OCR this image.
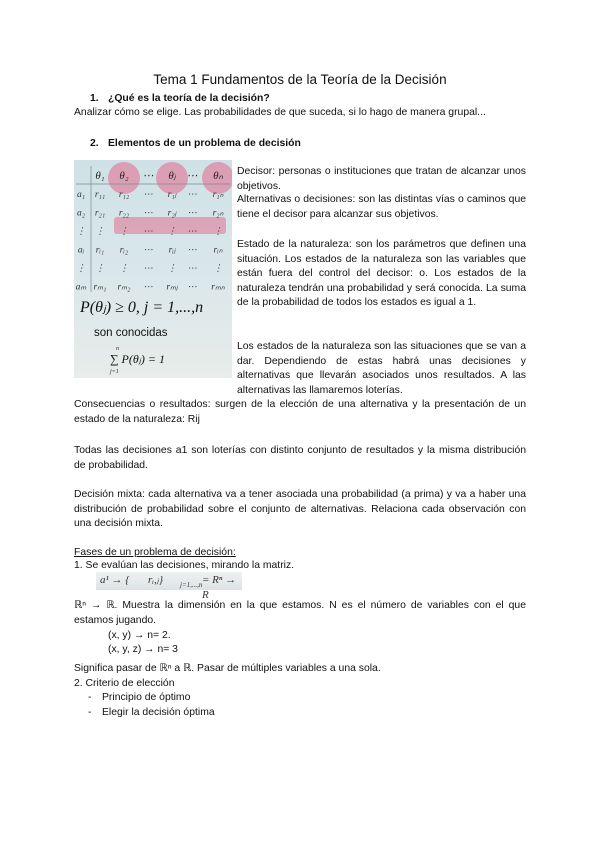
Tema 1 Fundamentos de la Teoría de la Decisión
1. ¿Qué es la teoría de la decisión?
Analizar cómo se elige. Las probabilidades de que suceda, si lo hago de manera grupal...
2. Elementos de un problema de decisión
θ₁ θ₂ ⋯ θⱼ ⋯ θₙ
a₁ r₁₁ r₁₂ ⋯ r₁ⱼ ⋯ r₁ₙ
a₂ r₂₁ r₂₂ ⋯ r₂ⱼ ⋯ r₂ₙ
⋮ ⋮ ⋮ ⋯ ⋮ ⋯ ⋮
aᵢ rᵢ₁ rᵢ₂ ⋯ rᵢⱼ ⋯ rᵢₙ
⋮ ⋮ ⋮ ⋯ ⋮ ⋯ ⋮
aₘ rₘ₁ rₘ₂ ⋯ rₘⱼ ⋯ rₘₙ
P(θⱼ) ≥ 0, j = 1,...,n
son conocidas
n
∑ P(θⱼ) = 1
j=1
Decisor: personas o instituciones que tratan de alcanzar unos objetivos.
Alternativas o decisiones: son las distintas vías o caminos que tiene el decisor para alcanzar sus objetivos.
Estado de la naturaleza: son los parámetros que definen una situación. Los estados de la naturaleza son las variables que están fuera del control del decisor: o. Los estados de la naturaleza tendrán una probabilidad y será conocida. La suma de la probabilidad de todos los estados es igual a 1.
Los estados de la naturaleza son las situaciones que se van a dar. Dependiendo de estas habrá unas decisiones y alternativas que llevarán asociados unos resultados. A las alternativas las llamaremos loterías.
Consecuencias o resultados: surgen de la elección de una alternativa y la presentación de un estado de la naturaleza: Rij
Todas las decisiones a1 son loterías con distinto conjunto de resultados y la misma distribución de probabilidad.
Decisión mixta: cada alternativa va a tener asociada una probabilidad (a prima) y va a haber una distribución de probabilidad sobre el conjunto de alternativas. Relaciona cada observación con una decisión mixta.
Fases de un problema de decisión:
1. Se evalúan las decisiones, mirando la matriz.
a¹ → { rᵢ,ⱼ} j=1,...,n = Rⁿ → R
ℝⁿ → ℝ. Muestra la dimensión en la que estamos. N es el número de variables con el que estamos jugando.
(x, y) → n= 2.
(x, y, z) → n= 3
Significa pasar de ℝⁿ a ℝ. Pasar de múltiples variables a una sola.
2. Criterio de elección
- Principio de óptimo
- Elegir la decisión óptima
